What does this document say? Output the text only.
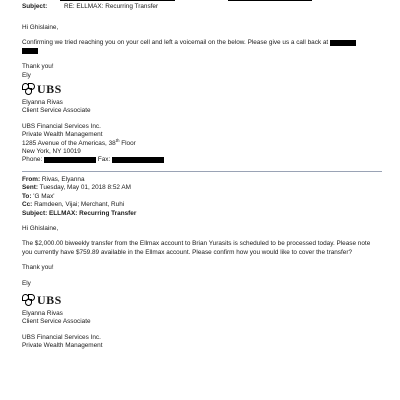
Subject:	RE: ELLMAX: Recurring Transfer

Hi Ghislaine,

Confirming we tried reaching you on your cell and left a voicemail on the below. Please give us a call back at

Thank you!

Ely

UBS

Elyanna Rivas

Client Service Associate

UBS Financial Services Inc.

Private Wealth Management

1285 Avenue of the Americas, 38th Floor

New York, NY 10019

Phone:	Fax:

From: Rivas, Elyanna

Sent: Tuesday, May 01, 2018 8:52 AM

To: 'G Max'

Cc: Ramdeen, Vijai; Merchant, Ruhi

Subject: ELLMAX: Recurring Transfer

Hi Ghislaine,

The $2,000.00 biweekly transfer from the Ellmax account to Brian Yurasits is scheduled to be processed today. Please note you currently have $759.89 available in the Ellmax account. Please confirm how you would like to cover the transfer?

Thank you!

Ely

UBS

Elyanna Rivas

Client Service Associate

UBS Financial Services Inc.

Private Wealth Management
